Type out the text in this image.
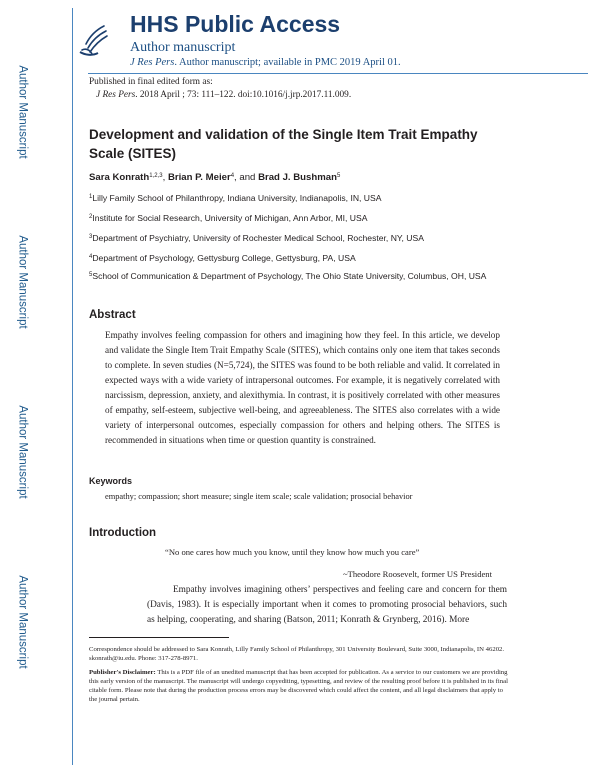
Author Manuscript
Author Manuscript
Author Manuscript
Author Manuscript
HHS Public Access
Author manuscript
J Res Pers. Author manuscript; available in PMC 2019 April 01.
Published in final edited form as:
J Res Pers. 2018 April ; 73: 111–122. doi:10.1016/j.jrp.2017.11.009.
Development and validation of the Single Item Trait Empathy Scale (SITES)
Sara Konrath$^{1,2,3}$, Brian P. Meier$^4$, and Brad J. Bushman$^5$
$^1$Lilly Family School of Philanthropy, Indiana University, Indianapolis, IN, USA
$^2$Institute for Social Research, University of Michigan, Ann Arbor, MI, USA
$^3$Department of Psychiatry, University of Rochester Medical School, Rochester, NY, USA
$^4$Department of Psychology, Gettysburg College, Gettysburg, PA, USA
$^5$School of Communication & Department of Psychology, The Ohio State University, Columbus, OH, USA
Abstract
Empathy involves feeling compassion for others and imagining how they feel. In this article, we develop and validate the Single Item Trait Empathy Scale (SITES), which contains only one item that takes seconds to complete. In seven studies (N=5,724), the SITES was found to be both reliable and valid. It correlated in expected ways with a wide variety of intrapersonal outcomes. For example, it is negatively correlated with narcissism, depression, anxiety, and alexithymia. In contrast, it is positively correlated with other measures of empathy, self-esteem, subjective well-being, and agreeableness. The SITES also correlates with a wide variety of interpersonal outcomes, especially compassion for others and helping others. The SITES is recommended in situations when time or question quantity is constrained.
Keywords
empathy; compassion; short measure; single item scale; scale validation; prosocial behavior
Introduction
“No one cares how much you know, until they know how much you care”
~Theodore Roosevelt, former US President
Empathy involves imagining others’ perspectives and feeling care and concern for them (Davis, 1983). It is especially important when it comes to promoting prosocial behaviors, such as helping, cooperating, and sharing (Batson, 2011; Konrath & Grynberg, 2016). More
Correspondence should be addressed to Sara Konrath, Lilly Family School of Philanthropy, 301 University Boulevard, Suite 3000, Indianapolis, IN 46202. skonrath@iu.edu. Phone: 317-278-8971.
Publisher's Disclaimer: This is a PDF file of an unedited manuscript that has been accepted for publication. As a service to our customers we are providing this early version of the manuscript. The manuscript will undergo copyediting, typesetting, and review of the resulting proof before it is published in its final citable form. Please note that during the production process errors may be discovered which could affect the content, and all legal disclaimers that apply to the journal pertain.
